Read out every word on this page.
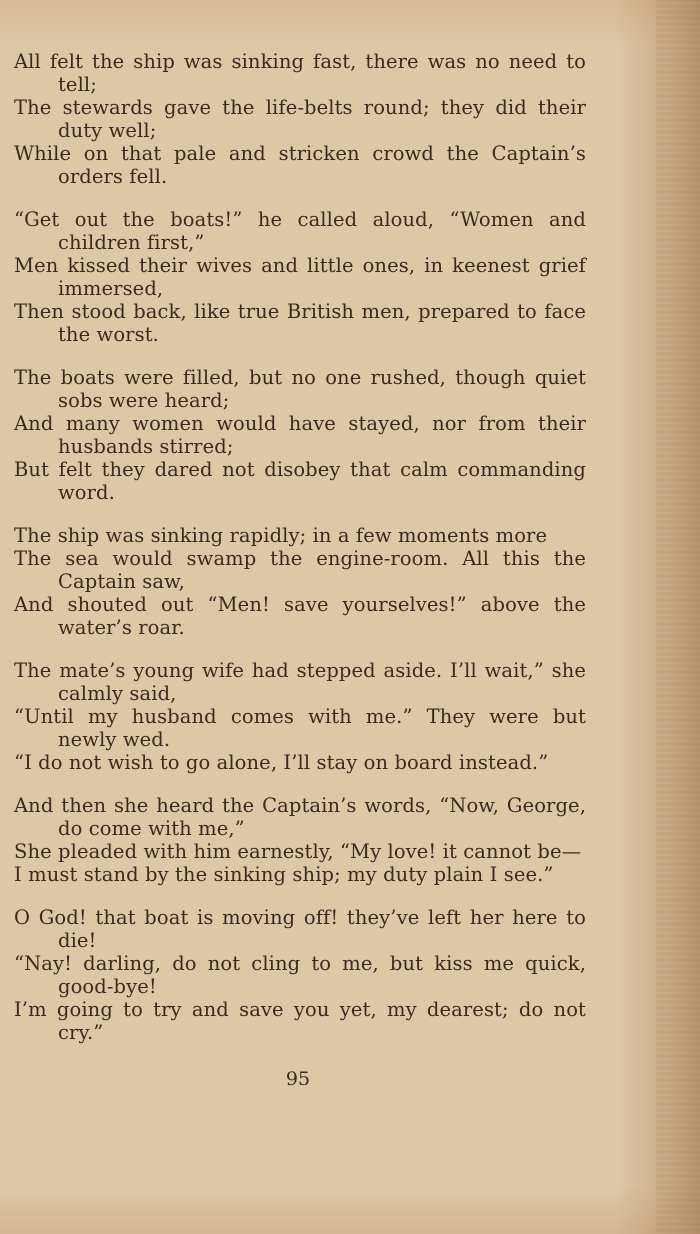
All felt the ship was sinking fast, there was no need to tell;
The stewards gave the life-belts round; they did their duty well;
While on that pale and stricken crowd the Captain’s orders fell.
“Get out the boats!” he called aloud, “Women and children first,”
Men kissed their wives and little ones, in keenest grief immersed,
Then stood back, like true British men, prepared to face the worst.
The boats were filled, but no one rushed, though quiet sobs were heard;
And many women would have stayed, nor from their husbands stirred;
But felt they dared not disobey that calm commanding word.
The ship was sinking rapidly; in a few moments more
The sea would swamp the engine-room. All this the Captain saw,
And shouted out “Men! save yourselves!” above the water’s roar.
The mate’s young wife had stepped aside. I’ll wait,” she calmly said,
“Until my husband comes with me.” They were but newly wed.
“I do not wish to go alone, I’ll stay on board instead.”
And then she heard the Captain’s words, “Now, George, do come with me,”
She pleaded with him earnestly, “My love! it cannot be—
I must stand by the sinking ship; my duty plain I see.”
O God! that boat is moving off! they’ve left her here to die!
“Nay! darling, do not cling to me, but kiss me quick, good-bye!
I’m going to try and save you yet, my dearest; do not cry.”
95
